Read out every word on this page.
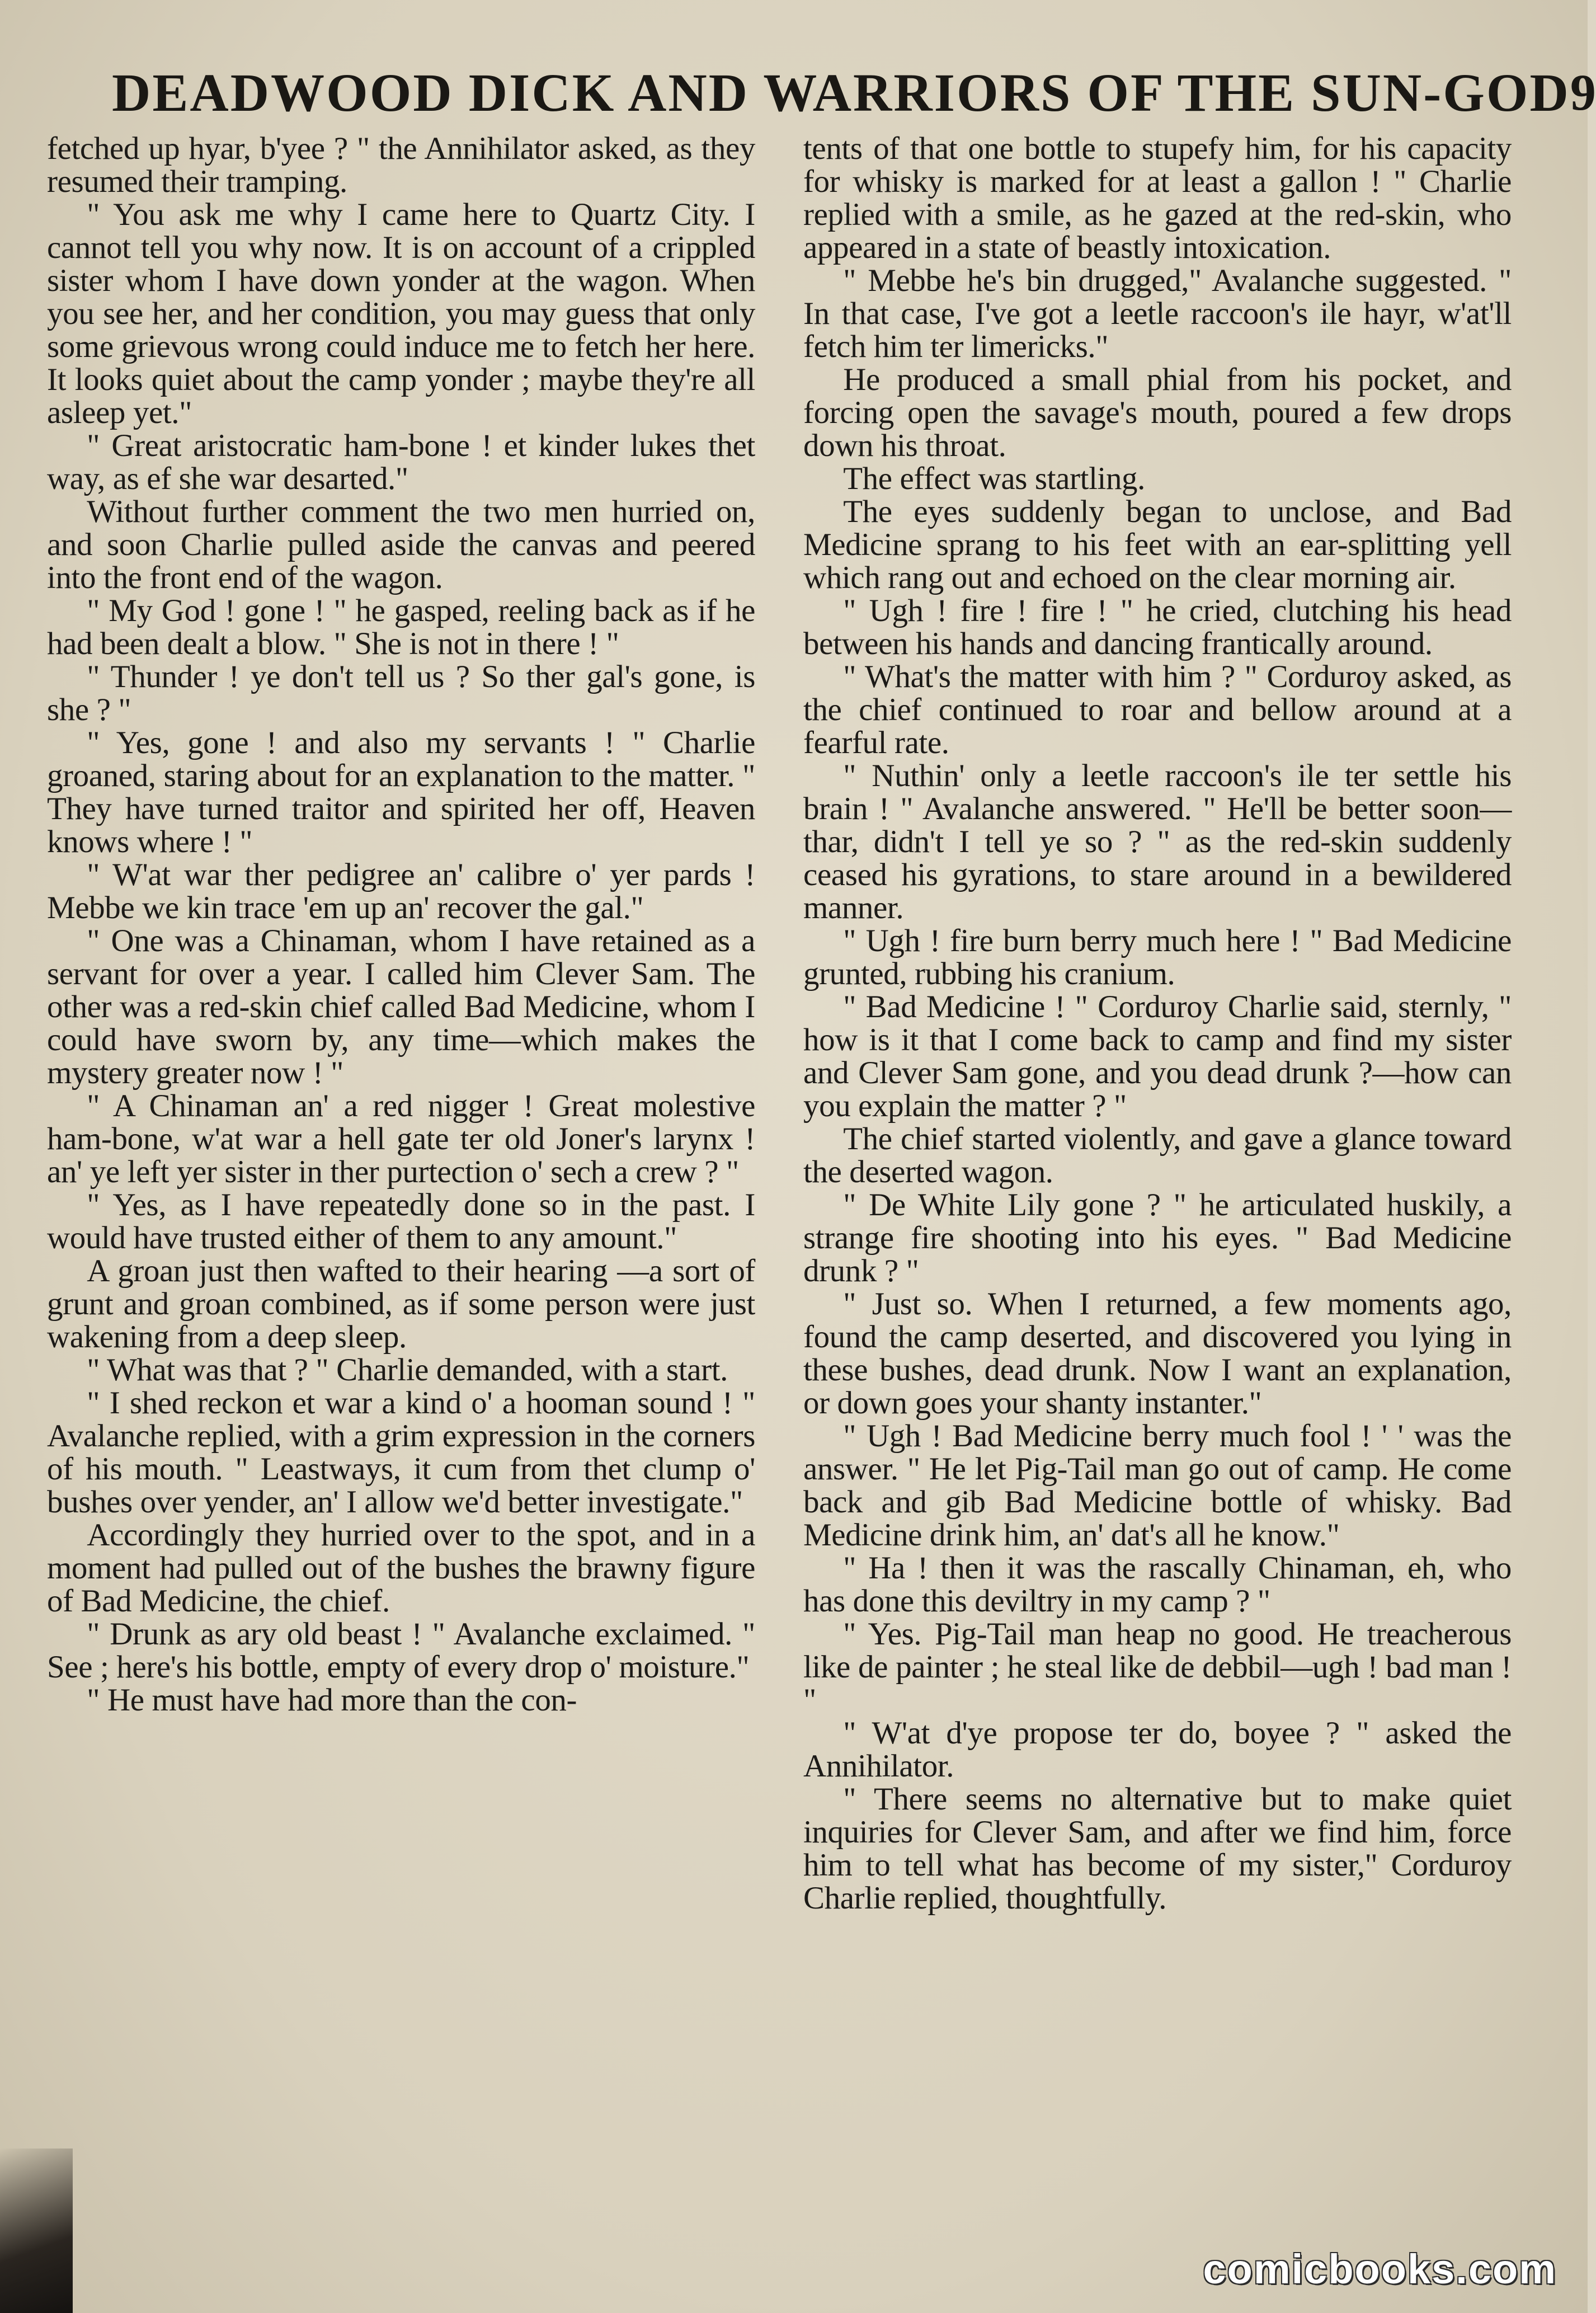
DEADWOOD DICK AND WARRIORS OF THE SUN-GOD 9

fetched up hyar, b'yee ? " the Annihilator asked, as they resumed their tramping.

" You ask me why I came here to Quartz City. I cannot tell you why now. It is on account of a crippled sister whom I have down yonder at the wagon. When you see her, and her condition, you may guess that only some grievous wrong could induce me to fetch her here. It looks quiet about the camp yonder ; maybe they're all asleep yet."

" Great aristocratic ham-bone ! et kinder lukes thet way, as ef she war desarted."

Without further comment the two men hurried on, and soon Charlie pulled aside the canvas and peered into the front end of the wagon.

" My God ! gone ! " he gasped, reeling back as if he had been dealt a blow. " She is not in there ! "

" Thunder ! ye don't tell us ? So ther gal's gone, is she ? "

" Yes, gone ! and also my servants ! " Charlie groaned, staring about for an explanation to the matter. " They have turned traitor and spirited her off, Heaven knows where ! "

" W'at war ther pedigree an' calibre o' yer pards ! Mebbe we kin trace 'em up an' recover the gal."

" One was a Chinaman, whom I have retained as a servant for over a year. I called him Clever Sam. The other was a red-skin chief called Bad Medicine, whom I could have sworn by, any time—which makes the mystery greater now ! "

" A Chinaman an' a red nigger ! Great molestive ham-bone, w'at war a hell gate ter old Joner's larynx ! an' ye left yer sister in ther purtection o' sech a crew ? "

" Yes, as I have repeatedly done so in the past. I would have trusted either of them to any amount."

A groan just then wafted to their hearing —a sort of grunt and groan combined, as if some person were just wakening from a deep sleep.

" What was that ? " Charlie demanded, with a start.

" I shed reckon et war a kind o' a hooman sound ! " Avalanche replied, with a grim expression in the corners of his mouth. " Leastways, it cum from thet clump o' bushes over yender, an' I allow we'd better investigate."

Accordingly they hurried over to the spot, and in a moment had pulled out of the bushes the brawny figure of Bad Medicine, the chief.

" Drunk as ary old beast ! " Avalanche exclaimed. " See ; here's his bottle, empty of every drop o' moisture."

" He must have had more than the con-

tents of that one bottle to stupefy him, for his capacity for whisky is marked for at least a gallon ! " Charlie replied with a smile, as he gazed at the red-skin, who appeared in a state of beastly intoxication.

" Mebbe he's bin drugged," Avalanche suggested. " In that case, I've got a leetle raccoon's ile hayr, w'at'll fetch him ter limericks."

He produced a small phial from his pocket, and forcing open the savage's mouth, poured a few drops down his throat.

The effect was startling.

The eyes suddenly began to unclose, and Bad Medicine sprang to his feet with an ear-splitting yell which rang out and echoed on the clear morning air.

" Ugh ! fire ! fire ! " he cried, clutching his head between his hands and dancing frantically around.

" What's the matter with him ? " Corduroy asked, as the chief continued to roar and bellow around at a fearful rate.

" Nuthin' only a leetle raccoon's ile ter settle his brain ! " Avalanche answered. " He'll be better soon—thar, didn't I tell ye so ? " as the red-skin suddenly ceased his gyrations, to stare around in a bewildered manner.

" Ugh ! fire burn berry much here ! " Bad Medicine grunted, rubbing his cranium.

" Bad Medicine ! " Corduroy Charlie said, sternly, " how is it that I come back to camp and find my sister and Clever Sam gone, and you dead drunk ?—how can you explain the matter ? "

The chief started violently, and gave a glance toward the deserted wagon.

" De White Lily gone ? " he articulated huskily, a strange fire shooting into his eyes. " Bad Medicine drunk ? "

" Just so. When I returned, a few moments ago, found the camp deserted, and discovered you lying in these bushes, dead drunk. Now I want an explanation, or down goes your shanty instanter."

" Ugh ! Bad Medicine berry much fool ! ' ' was the answer. " He let Pig-Tail man go out of camp. He come back and gib Bad Medicine bottle of whisky. Bad Medicine drink him, an' dat's all he know."

" Ha ! then it was the rascally Chinaman, eh, who has done this deviltry in my camp ? "

" Yes. Pig-Tail man heap no good. He treacherous like de painter ; he steal like de debbil—ugh ! bad man ! "

" W'at d'ye propose ter do, boyee ? " asked the Annihilator.

" There seems no alternative but to make quiet inquiries for Clever Sam, and after we find him, force him to tell what has become of my sister," Corduroy Charlie replied, thoughtfully.

comicbooks.com
